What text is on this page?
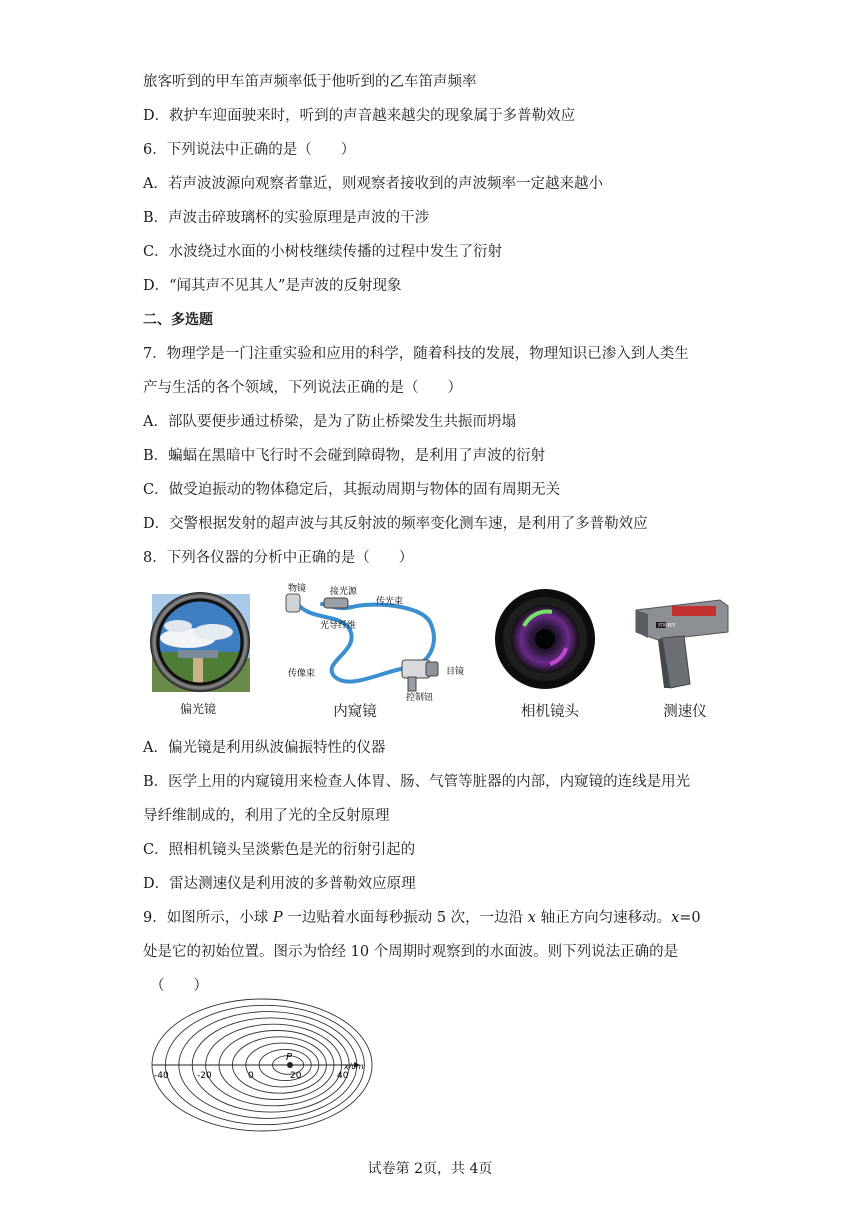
旅客听到的甲车笛声频率低于他听到的乙车笛声频率
D．救护车迎面驶来时，听到的声音越来越尖的现象属于多普勒效应
6．下列说法中正确的是（　　）
A．若声波波源向观察者靠近，则观察者接收到的声波频率一定越来越小
B．声波击碎玻璃杯的实验原理是声波的干涉
C．水波绕过水面的小树枝继续传播的过程中发生了衍射
D．“闻其声不见其人”是声波的反射现象
二、多选题
7．物理学是一门注重实验和应用的科学，随着科技的发展，物理知识已渗入到人类生
产与生活的各个领域，下列说法正确的是（　　）
A．部队要便步通过桥梁，是为了防止桥梁发生共振而坍塌
B．蝙蝠在黑暗中飞行时不会碰到障碍物，是利用了声波的衍射
C．做受迫振动的物体稳定后，其振动周期与物体的固有周期无关
D．交警根据发射的超声波与其反射波的频率变化测车速，是利用了多普勒效应
8．下列各仪器的分析中正确的是（　　）
偏光镜
物镜	接光源
传光束
光导纤维
传像束	目镜
控制钮
内窥镜	相机镜头
STALKER
测速仪
A．偏光镜是利用纵波偏振特性的仪器
B．医学上用的内窥镜用来检查人体胃、肠、气管等脏器的内部，内窥镜的连线是用光
导纤维制成的，利用了光的全反射原理
C．照相机镜头呈淡紫色是光的衍射引起的
D．雷达测速仪是利用波的多普勒效应原理
9．如图所示，小球 P 一边贴着水面每秒振动 5 次，一边沿 x 轴正方向匀速移动。x=0
处是它的初始位置。图示为恰经 10 个周期时观察到的水面波。则下列说法正确的是
（　　）
P
x/cm
-40	-20	0	20	40
试卷第 2页，共 4页
